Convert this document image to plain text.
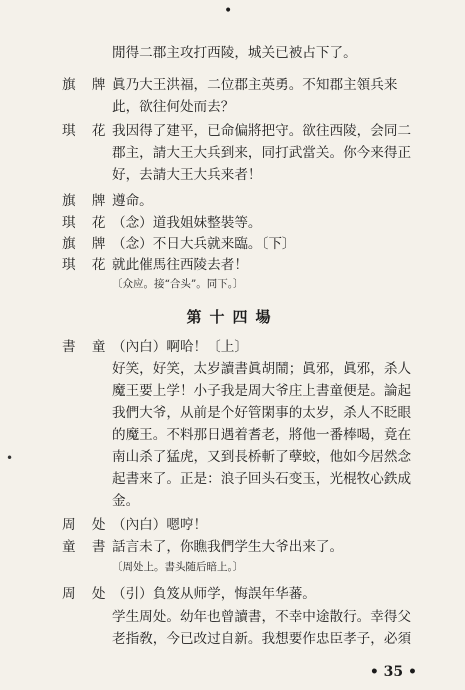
•
•
閒得二郡主攻打西陵，城关已被占下了。
旗 牌 眞乃大王洪福，二位郡主英勇。不知郡主領兵来
此，欲往何处而去？
琪 花 我因得了建平，已命偏將把守。欲往西陵，会同二
郡主，請大王大兵到来，同打武當关。你今来得正
好，去請大王大兵来者！
旗 牌 遵命。
琪 花 （念）道我姐妹整裝等。
旗 牌 （念）不日大兵就来臨。〔下〕
琪 花 就此催馬往西陵去者！
〔众应。接“合头”。同下。〕
第十四場
書 童 （內白）啊哈！〔上〕
好笑，好笑，太岁讀書眞胡鬧；眞邪，眞邪，杀人
魔王要上学！小子我是周大爷庄上書童便是。論起
我們大爷，从前是个好管閑事的太岁，杀人不眨眼
的魔王。不料那日遇着耆老，將他一番棒喝，竟在
南山杀了猛虎，又到長桥斬了孽蛟，他如今居然念
起書来了。正是：浪子回头石变玉，光棍牧心鉄成
金。
周 处 （內白）嗯哼！
童 書 話言未了，你瞧我們学生大爷出来了。
〔周处上。書头随后暗上。〕
周 处 （引）負笈从师学，悔誤年华蕃。
学生周处。幼年也曾讀書，不幸中途散行。幸得父
老指敎，今已改过自新。我想要作忠臣孝子，必須
• 35 •
